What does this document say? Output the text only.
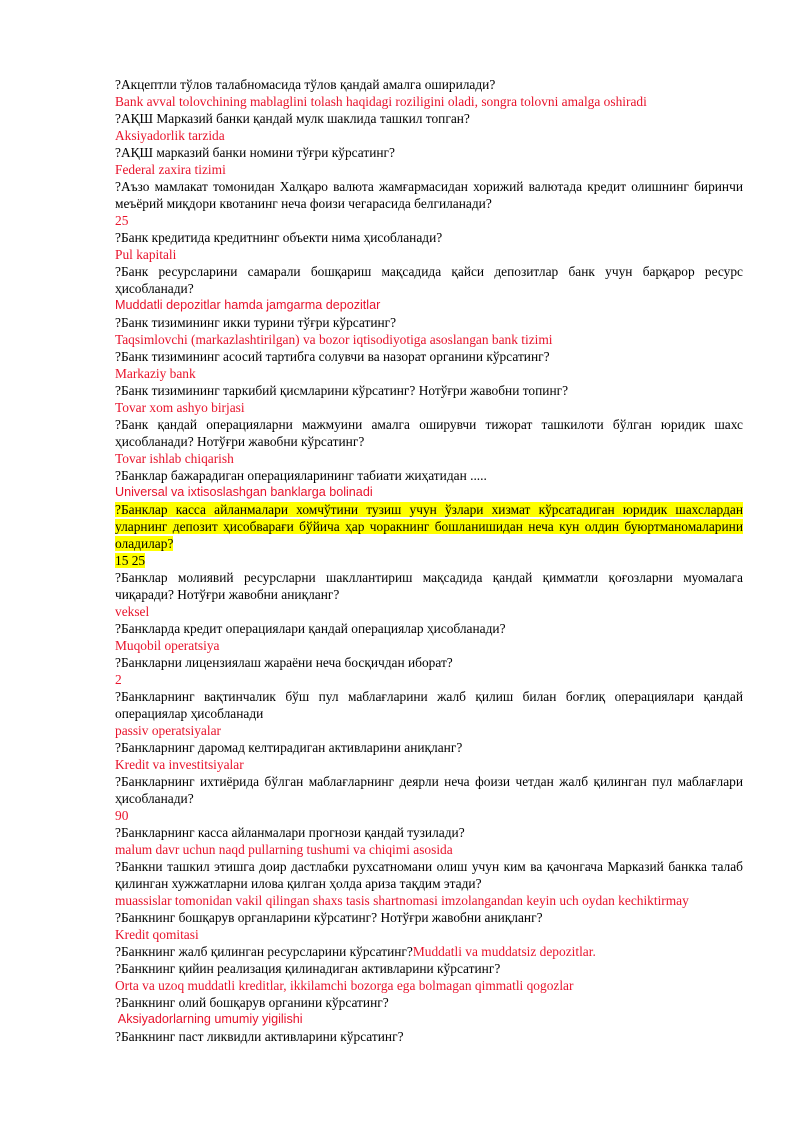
?Акцептли тўлов талабномасида тўлов қандай амалга оширилади?

Bank avval tolovchining mablaglini tolash haqidagi roziligini oladi, songra tolovni amalga oshiradi

?АҚШ Марказий банки қандай мулк шаклида ташкил топган?

Aksiyadorlik tarzida

?АҚШ марказий банки номини тўғри кўрсатинг?

Federal zaxira tizimi

?Аъзо мамлакат томонидан Халқаро валюта жамғармасидан хорижий валютада кредит олишнинг биринчи меъёрий миқдори квотанинг неча фоизи чегарасида белгиланади?

25

?Банк кредитида кредитнинг объекти нима ҳисобланади?

Pul kapitali

?Банк ресурсларини самарали бошқариш мақсадида қайси депозитлар банк учун барқарор ресурс ҳисобланади?

Muddatli depozitlar hamda jamgarma depozitlar

?Банк тизимининг икки турини тўғри кўрсатинг?

Taqsimlovchi (markazlashtirilgan) va bozor iqtisodiyotiga asoslangan bank tizimi

?Банк тизимининг асосий тартибга солувчи ва назорат органини кўрсатинг?

Markaziy bank

?Банк тизимининг таркибий қисмларини кўрсатинг? Нотўғри жавобни топинг?

Tovar xom ashyo birjasi

?Банк қандай операцияларни мажмуини амалга оширувчи тижорат ташкилоти бўлган юридик шахс ҳисобланади? Нотўғри жавобни кўрсатинг?

Tovar ishlab chiqarish

?Банклар бажарадиган операцияларининг табиати жиҳатидан .....

Universal va ixtisoslashgan banklarga bolinadi

?Банклар касса айланмалари хомчўтини тузиш учун ўзлари хизмат кўрсатадиган юридик шахслардан уларнинг депозит ҳисобварағи бўйича ҳар чоракнинг бошланишидан неча кун олдин буюртманомаларини оладилар?

15 25

?Банклар молиявий ресурсларни шакллантириш мақсадида қандай қимматли қоғозларни муомалага чиқаради? Нотўғри жавобни аниқланг?

veksel

?Банкларда кредит операциялари қандай операциялар ҳисобланади?

Muqobil operatsiya

?Банкларни лицензиялаш жараёни неча босқичдан иборат?

2

?Банкларнинг вақтинчалик бўш пул маблағларини жалб қилиш билан боғлиқ операциялари қандай операциялар ҳисобланади

passiv operatsiyalar

?Банкларнинг даромад келтирадиган активларини аниқланг?

Kredit va investitsiyalar

?Банкларнинг ихтиёрида бўлган маблағларнинг деярли неча фоизи четдан жалб қилинган пул маблағлари ҳисобланади?

90

?Банкларнинг касса айланмалари прогнози қандай тузилади?

malum davr uchun naqd pullarning tushumi va chiqimi asosida

?Банкни ташкил этишга доир дастлабки рухсатномани олиш учун ким ва қачонгача Марказий банкка талаб қилинган хужжатларни илова қилган ҳолда ариза тақдим этади?

muassislar tomonidan vakil qilingan shaxs tasis shartnomasi imzolangandan keyin uch oydan kechiktirmay

?Банкнинг бошқарув органларини кўрсатинг? Нотўғри жавобни аниқланг?

Kredit qomitasi

?Банкнинг жалб қилинган ресурсларини кўрсатинг?Muddatli va muddatsiz depozitlar.

?Банкнинг қийин реализация қилинадиган активларини кўрсатинг?

Orta va uzoq muddatli kreditlar, ikkilamchi bozorga ega bolmagan qimmatli qogozlar

?Банкнинг олий бошқарув органини кўрсатинг?

Aksiyadorlarning umumiy yigilishi

?Банкнинг паст ликвидли активларини кўрсатинг?
